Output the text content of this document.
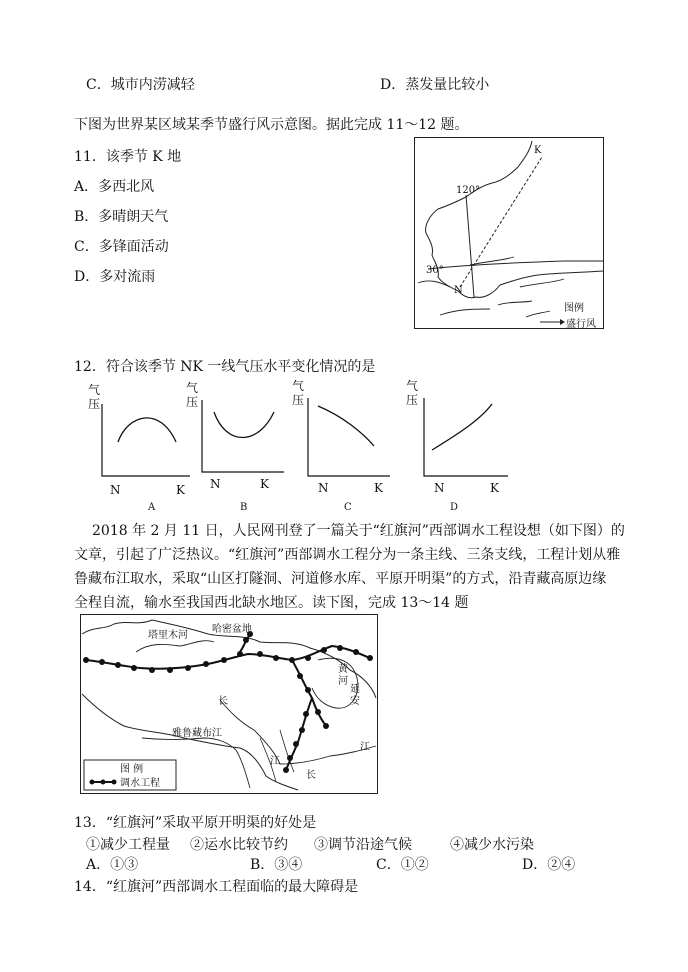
C．城市内涝减轻	D．蒸发量比较小
下图为世界某区域某季节盛行风示意图。据此完成 11～12 题。
11．该季节 K 地
A．多西北风
B．多晴朗天气
C．多锋面活动
D．多对流雨
K
N
120°
30°
图例
盛行风
12．符合该季节 NK 一线气压水平变化情况的是
气
压
N	K
A
气
压
N	K
B
气
压
N	K
C
气
压
N	K
D
2018 年 2 月 11 日，人民网刊登了一篇关于“红旗河”西部调水工程设想（如下图）的
文章，引起了广泛热议。“红旗河”西部调水工程分为一条主线、三条支线，工程计划从雅
鲁藏布江取水，采取“山区打隧洞、河道修水库、平原开明渠”的方式，沿青藏高原边缘
全程自流，输水至我国西北缺水地区。读下图，完成 13～14 题
图 例
调水工程
塔里木河
哈密盆地
黄
河
延
安
长
长
江
江
雅鲁藏布江
13．“红旗河”采取平原开明渠的好处是
①减少工程量 ②运水比较节约 ③调节沿途气候	④减少水污染
A．①③	B．③④	C．①②	D．②④
14．“红旗河”西部调水工程面临的最大障碍是
